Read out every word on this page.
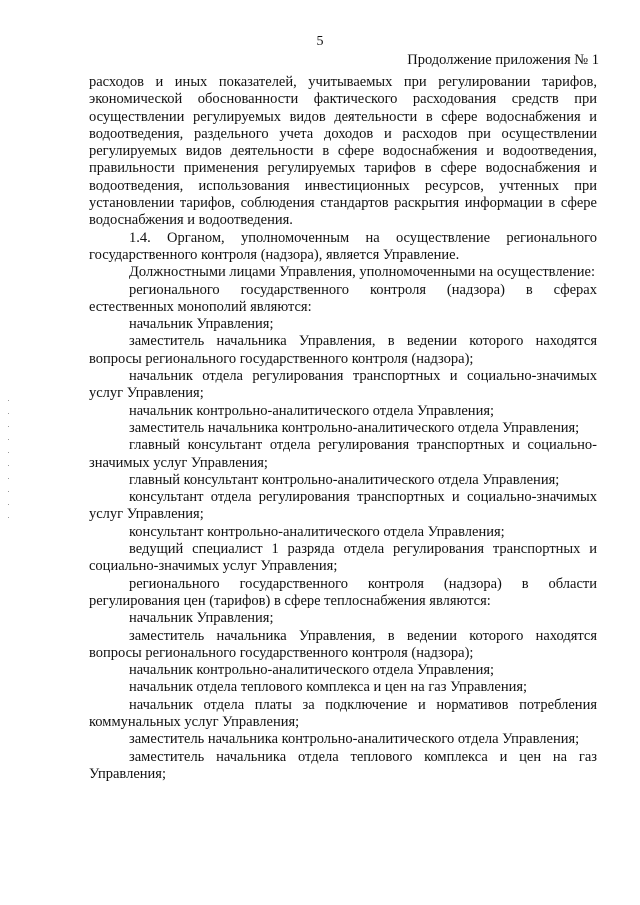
5
Продолжение приложения № 1

расходов и иных показателей, учитываемых при регулировании тарифов, экономической обоснованности фактического расходования средств при осуществлении регулируемых видов деятельности в сфере водоснабжения и водоотведения, раздельного учета доходов и расходов при осуществлении регулируемых видов деятельности в сфере водоснабжения и водоотведения, правильности применения регулируемых тарифов в сфере водоснабжения и водоотведения, использования инвестиционных ресурсов, учтенных при установлении тарифов, соблюдения стандартов раскрытия информации в сфере водоснабжения и водоотведения.

1.4. Органом, уполномоченным на осуществление регионального государственного контроля (надзора), является Управление.

Должностными лицами Управления, уполномоченными на осуществление:

регионального государственного контроля (надзора) в сферах естественных монополий являются:

начальник Управления;

заместитель начальника Управления, в ведении которого находятся вопросы регионального государственного контроля (надзора);

начальник отдела регулирования транспортных и социально-значимых услуг Управления;

начальник контрольно-аналитического отдела Управления;

заместитель начальника контрольно-аналитического отдела Управления;

главный консультант отдела регулирования транспортных и социально-значимых услуг Управления;

главный консультант контрольно-аналитического отдела Управления;

консультант отдела регулирования транспортных и социально-значимых услуг Управления;

консультант контрольно-аналитического отдела Управления;

ведущий специалист 1 разряда отдела регулирования транспортных и социально-значимых услуг Управления;

регионального государственного контроля (надзора) в области регулирования цен (тарифов) в сфере теплоснабжения являются:

начальник Управления;

заместитель начальника Управления, в ведении которого находятся вопросы регионального государственного контроля (надзора);

начальник контрольно-аналитического отдела Управления;

начальник отдела теплового комплекса и цен на газ Управления;

начальник отдела платы за подключение и нормативов потребления коммунальных услуг Управления;

заместитель начальника контрольно-аналитического отдела Управления;

заместитель начальника отдела теплового комплекса и цен на газ Управления;
